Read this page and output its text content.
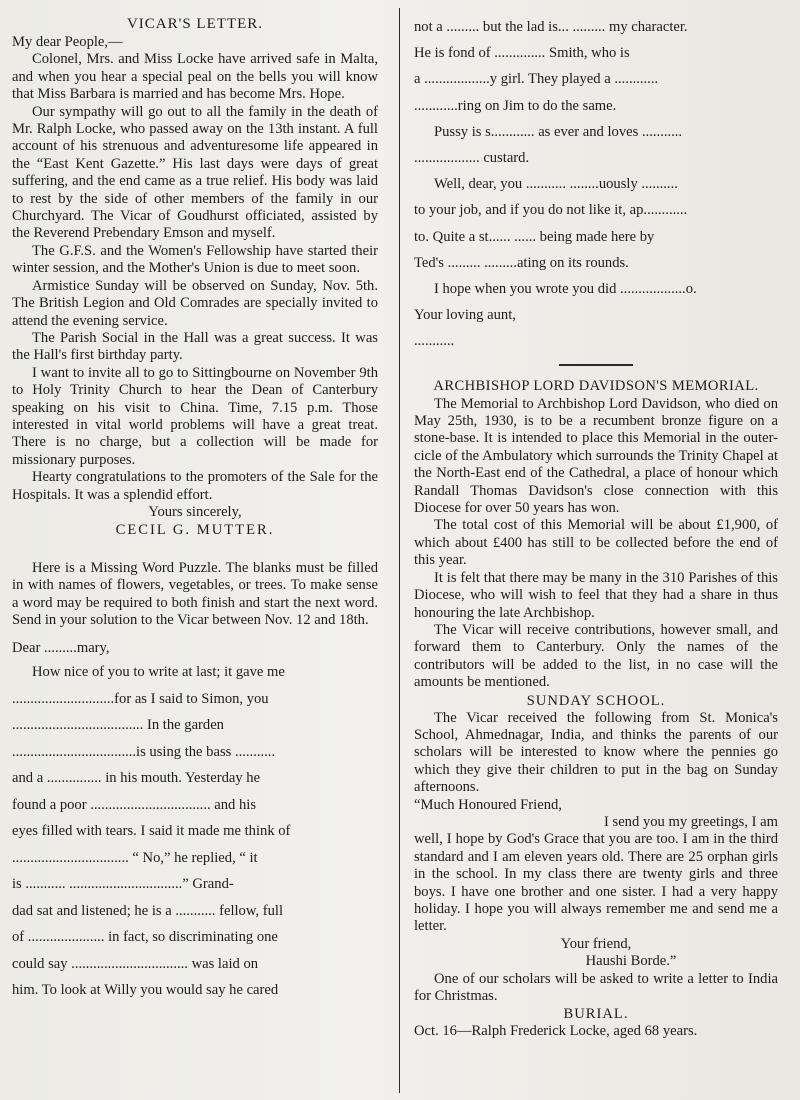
VICAR'S LETTER.

My dear People,—

Colonel, Mrs. and Miss Locke have arrived safe in Malta, and when you hear a special peal on the bells you will know that Miss Barbara is married and has become Mrs. Hope.

Our sympathy will go out to all the family in the death of Mr. Ralph Locke, who passed away on the 13th instant. A full account of his strenuous and adventuresome life appeared in the “East Kent Gazette.” His last days were days of great suffering, and the end came as a true relief. His body was laid to rest by the side of other members of the family in our Churchyard. The Vicar of Goudhurst officiated, assisted by the Reverend Prebendary Emson and myself.

The G.F.S. and the Women's Fellowship have started their winter session, and the Mother's Union is due to meet soon.

Armistice Sunday will be observed on Sunday, Nov. 5th. The British Legion and Old Comrades are specially invited to attend the evening service.

The Parish Social in the Hall was a great success. It was the Hall's first birthday party.

I want to invite all to go to Sittingbourne on November 9th to Holy Trinity Church to hear the Dean of Canterbury speaking on his visit to China. Time, 7.15 p.m. Those interested in vital world problems will have a great treat. There is no charge, but a collection will be made for missionary purposes.

Hearty congratulations to the promoters of the Sale for the Hospitals. It was a splendid effort.

Yours sincerely,

CECIL G. MUTTER.

Here is a Missing Word Puzzle. The blanks must be filled in with names of flowers, vegetables, or trees. To make sense a word may be required to both finish and start the next word. Send in your solution to the Vicar between Nov. 12 and 18th.

Dear .........mary,

How nice of you to write at last; it gave me

............................for as I said to Simon, you

.................................... In the garden

..................................is using the bass ...........

and a ............... in his mouth. Yesterday he

found a poor ................................. and his

eyes filled with tears. I said it made me think of

................................ “ No,” he replied, “ it

is ........... ...............................” Grand-

dad sat and listened; he is a ........... fellow, full

of ..................... in fact, so discriminating one

could say ................................ was laid on

him. To look at Willy you would say he cared

not a ......... but the lad is... ......... my character.

He is fond of .............. Smith, who is

a ..................y girl. They played a ............

............ring on Jim to do the same.

Pussy is s............ as ever and loves ...........

.................. custard.

Well, dear, you ........... ........uously ..........

to your job, and if you do not like it, ap............

to. Quite a st...... ...... being made here by

Ted's ......... .........ating on its rounds.

I hope when you wrote you did ..................o.

Your loving aunt,

...........

ARCHBISHOP LORD DAVIDSON'S MEMORIAL.

The Memorial to Archbishop Lord Davidson, who died on May 25th, 1930, is to be a recumbent bronze figure on a stone-base. It is intended to place this Memorial in the outer-cicle of the Ambulatory which surrounds the Trinity Chapel at the North-East end of the Cathedral, a place of honour which Randall Thomas Davidson's close connection with this Diocese for over 50 years has won.

The total cost of this Memorial will be about £1,900, of which about £400 has still to be collected before the end of this year.

It is felt that there may be many in the 310 Parishes of this Diocese, who will wish to feel that they had a share in thus honouring the late Archbishop.

The Vicar will receive contributions, however small, and forward them to Canterbury. Only the names of the contributors will be added to the list, in no case will the amounts be mentioned.

SUNDAY SCHOOL.

The Vicar received the following from St. Monica's School, Ahmednagar, India, and thinks the parents of our scholars will be interested to know where the pennies go which they give their children to put in the bag on Sunday afternoons.

“Much Honoured Friend,

I send you my greetings, I am well, I hope by God's Grace that you are too. I am in the third standard and I am eleven years old. There are 25 orphan girls in the school. In my class there are twenty girls and three boys. I have one brother and one sister. I had a very happy holiday. I hope you will always remember me and send me a letter.

Your friend,

Haushi Borde.”

One of our scholars will be asked to write a letter to India for Christmas.

BURIAL.

Oct. 16—Ralph Frederick Locke, aged 68 years.
